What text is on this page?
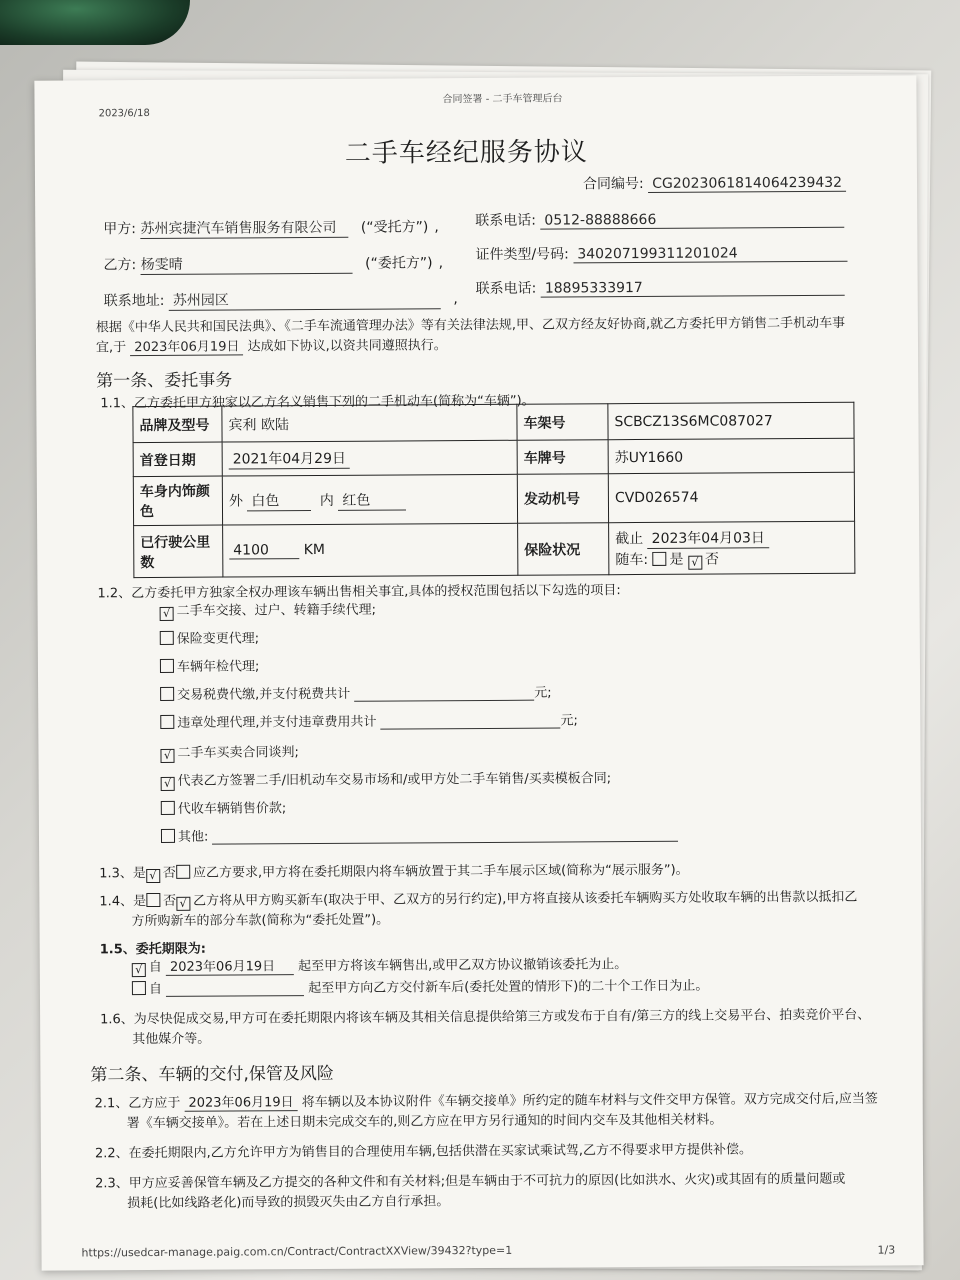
2023/6/18
合同签署 - 二手车管理后台
二手车经纪服务协议
合同编号: CG2023061814064239432
甲方: 苏州宾捷汽车销售服务有限公司 (“受托方”) ,	联系电话: 0512-88888666
乙方: 杨雯晴	(“委托方”) ,
证件类型/号码: 340207199311201024
联系地址: 苏州园区	,
联系电话: 18895333917
根据《中华人民共和国民法典》、《二手车流通管理办法》等有关法律法规,甲、乙双方经友好协商,就乙方委托甲方销售二手机动车事
宜,于 2023年06月19日 达成如下协议,以资共同遵照执行。
第一条、委托事务
1.1、乙方委托甲方独家以乙方名义销售下列的二手机动车(简称为“车辆”)。
品牌及型号	宾利 欧陆	车架号	SCBCZ13S6MC087027
首登日期	2021年04月29日	车牌号	苏UY1660
车身内饰颜色	外 白色 内 红色	发动机号	CVD026574
已行驶公里数	4100 KM	保险状况	截止 2023年04月03日
随车: 是 √ 否
1.2、乙方委托甲方独家全权办理该车辆出售相关事宜,具体的授权范围包括以下勾选的项目:
1.3、是 √ 否 应乙方要求,甲方将在委托期限内将车辆放置于其二手车展示区域(简称为“展示服务”)。
1.4、是 否 √ 乙方将从甲方购买新车(取决于甲、乙双方的另行约定),甲方将直接从该委托车辆购买方处收取车辆的出售款以抵扣乙
方所购新车的部分车款(简称为“委托处置”)。
1.5、委托期限为:
√ 自 2023年06月19日 起至甲方将该车辆售出,或甲乙双方协议撤销该委托为止。
自	起至甲方向乙方交付新车后(委托处置的情形下)的二十个工作日为止。
1.6、为尽快促成交易,甲方可在委托期限内将该车辆及其相关信息提供给第三方或发布于自有/第三方的线上交易平台、拍卖竞价平台、
其他媒介等。
第二条、车辆的交付,保管及风险
2.1、乙方应于 2023年06月19日 将车辆以及本协议附件《车辆交接单》所约定的随车材料与文件交甲方保管。双方完成交付后,应当签
署《车辆交接单》。若在上述日期未完成交车的,则乙方应在甲方另行通知的时间内交车及其他相关材料。
2.2、在委托期限内,乙方允许甲方为销售目的合理使用车辆,包括供潜在买家试乘试驾,乙方不得要求甲方提供补偿。
2.3、甲方应妥善保管车辆及乙方提交的各种文件和有关材料;但是车辆由于不可抗力的原因(比如洪水、火灾)或其固有的质量问题或
损耗(比如线路老化)而导致的损毁灭失由乙方自行承担。
https://usedcar-manage.paig.com.cn/Contract/ContractXXView/39432?type=1	1/3
√ 二手车交接、过户、转籍手续代理;
保险变更代理;
车辆年检代理;
交易税费代缴,并支付税费共计	元;
违章处理代理,并支付违章费用共计	元;
√ 二手车买卖合同谈判;
√ 代表乙方签署二手/旧机动车交易市场和/或甲方处二手车销售/买卖模板合同;
代收车辆销售价款;
其他:
